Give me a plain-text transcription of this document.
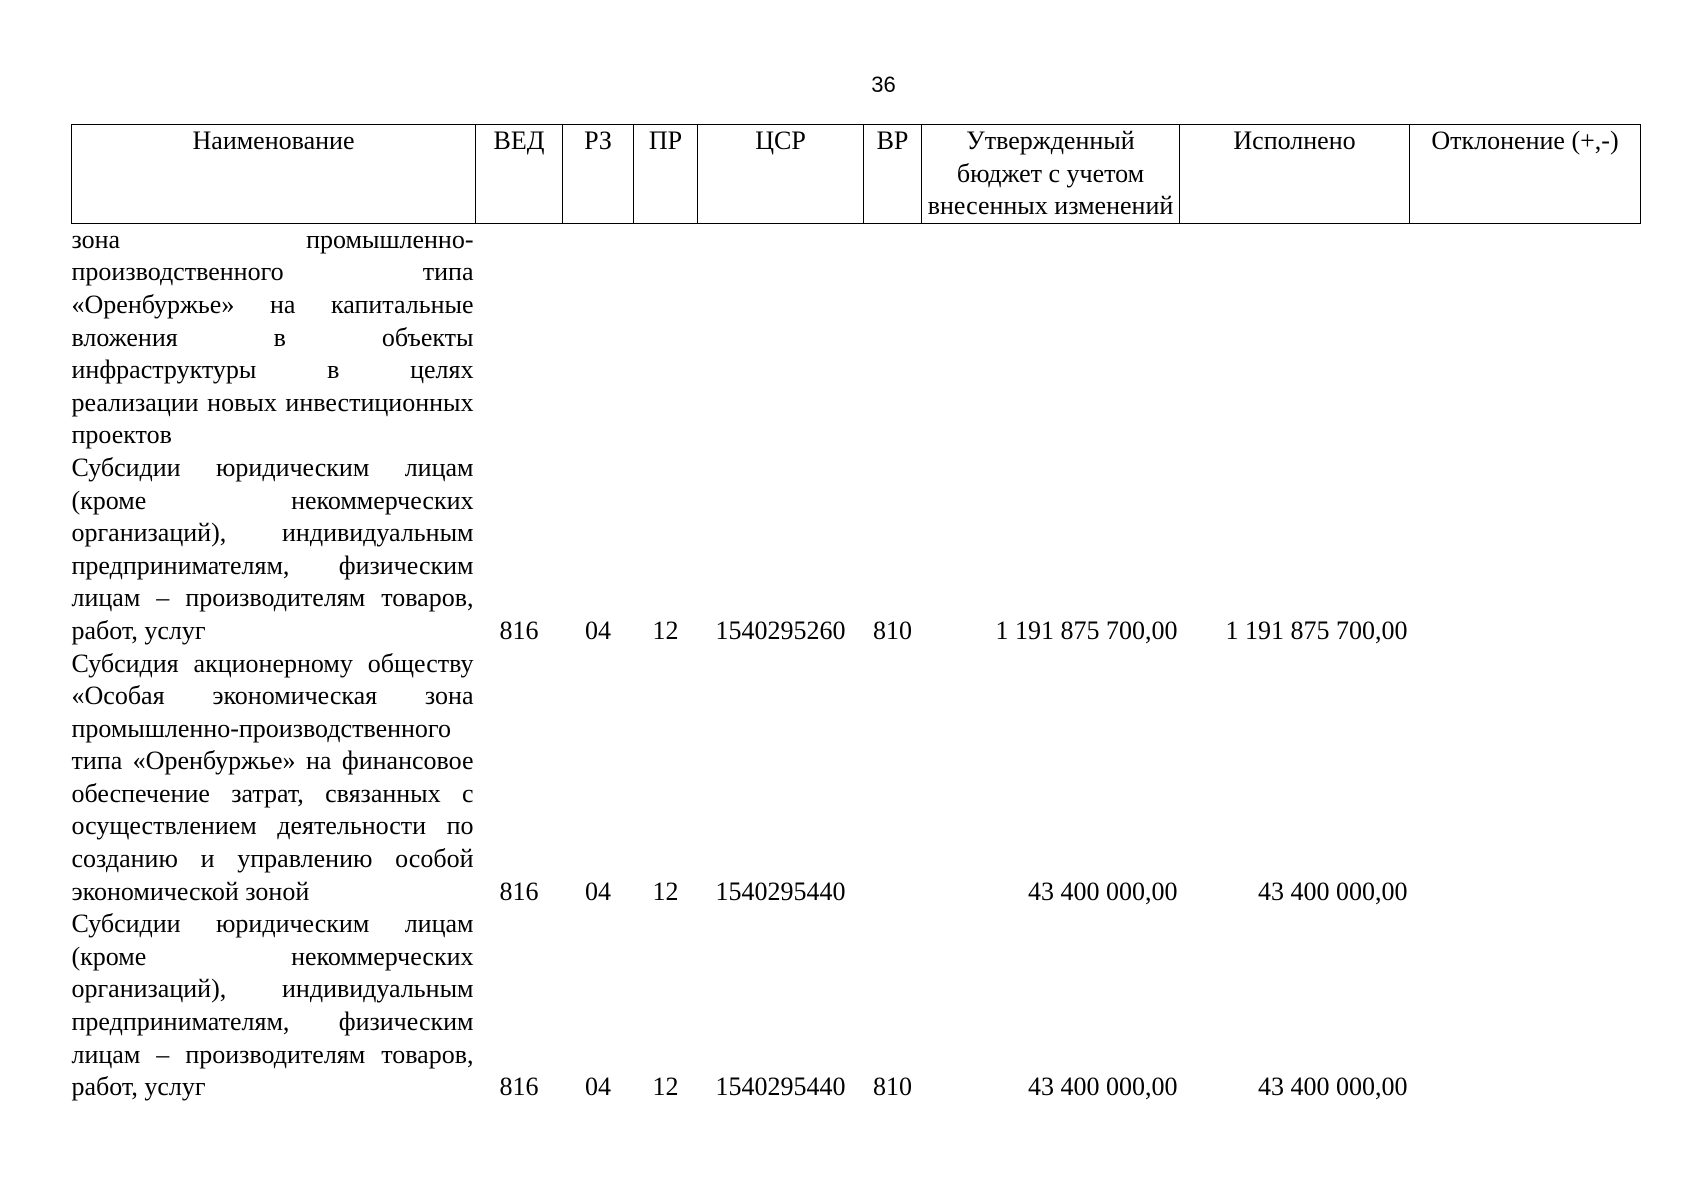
36
Наименование	ВЕД	РЗ	ПР	ЦСР	ВР	Утвержденный бюджет с учетом внесенных изменений	Исполнено	Отклонение (+,-)
зона промышленно-производственного типа «Оренбуржье» на капитальные вложения в объекты инфраструктуры в целях реализации новых инвестиционных проектов								
Субсидии юридическим лицам (кроме некоммерческих организаций), индивидуальным предпринимателям, физическим лицам – производителям товаров, работ, услуг	816	04	12	1540295260	810	1 191 875 700,00	1 191 875 700,00	
Субсидия акционерному обществу «Особая экономическая зона промышленно-производственного типа «Оренбуржье» на финансовое обеспечение затрат, связанных с осуществлением деятельности по созданию и управлению особой экономической зоной	816	04	12	1540295440		43 400 000,00	43 400 000,00	
Субсидии юридическим лицам (кроме некоммерческих организаций), индивидуальным предпринимателям, физическим лицам – производителям товаров, работ, услуг	816	04	12	1540295440	810	43 400 000,00	43 400 000,00	
